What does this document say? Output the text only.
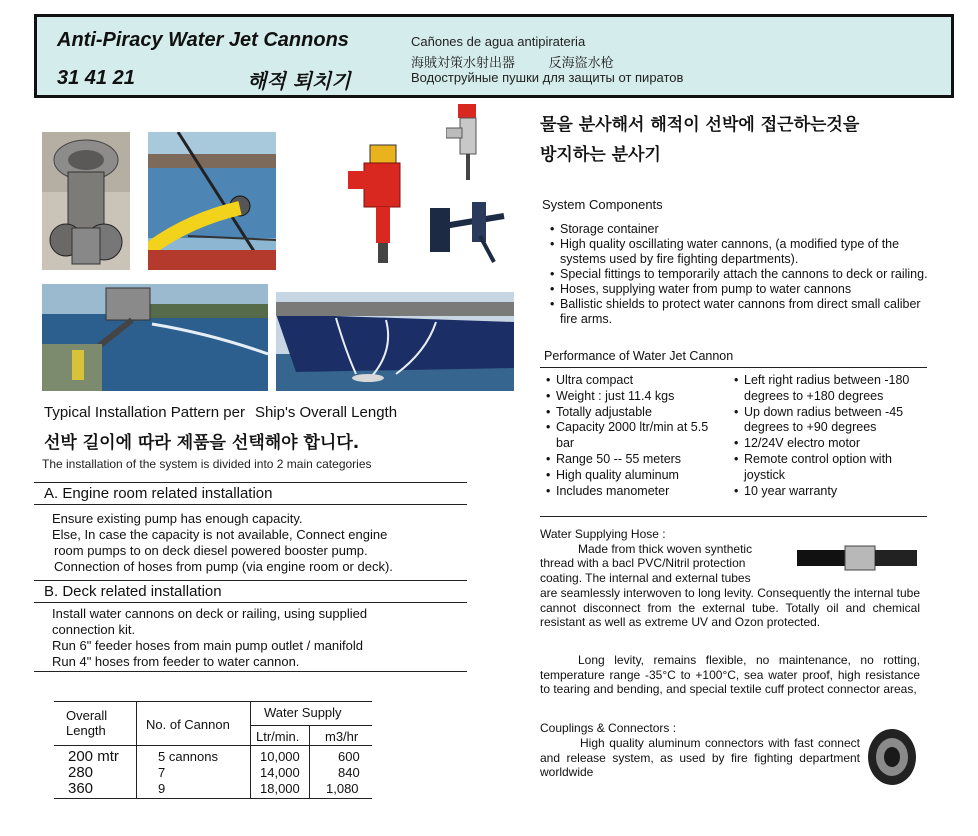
Anti-Piracy Water Jet Cannons
31 41 21	해적 퇴치기
Cañones de agua antipirateria
海賊対策水射出器	反海盜水枪
Водоструйные пушки для защиты от пиратов
Typical Installation Pattern per Ship's Overall Length
선박 길이에 따라 제품을 선택해야 합니다.
The installation of the system is divided into 2 main categories
A. Engine room related installation

Ensure existing pump has enough capacity.

Else, In case the capacity is not available, Connect engine

room pumps to on deck diesel powered booster pump.

Connection of hoses from pump (via engine room or deck).

B. Deck related installation

Install water cannons on deck or railing, using supplied

connection kit.

Run 6" feeder hoses from main pump outlet / manifold

Run 4" hoses from feeder to water cannon.

Overall
Length	No. of Cannon
Water Supply
Ltr/min. m3/hr
200 mtr	5 cannons	10,000	600
280	7	14,000	840
360	9	18,000 1,080
물을 분사해서 해적이 선박에 접근하는것을
방지하는 분사기
System Components
• Storage container
• High quality oscillating water cannons, (a modified type of the systems used by fire fighting departments).
• Special fittings to temporarily attach the cannons to deck or railing.
• Hoses, supplying water from pump to water cannons
• Ballistic shields to protect water cannons from direct small caliber fire arms.
Performance of Water Jet Cannon
• Ultra compact
• Weight : just 11.4 kgs
• Totally adjustable
• Capacity 2000 ltr/min at 5.5 bar
• Range 50 -- 55 meters
• High quality aluminum
• Includes manometer
• Left right radius between -180 degrees to +180 degrees
• Up down radius between -45 degrees to +90 degrees
• 12/24V electro motor
• Remote control option with joystick
• 10 year warranty
Water Supplying Hose :
Made from thick woven synthetic
thread with a bacl PVC/Nitril protection
coating. The internal and external tubes
are seamlessly interwoven to long levity. Consequently the internal tube cannot disconnect from the external tube. Totally oil and chemical resistant as well as extreme UV and Ozon protected.
Long levity, remains flexible, no maintenance, no rotting, temperature range -35°C to +100°C, sea water proof, high resistance to tearing and bending, and special textile cuff protect connector areas,
Couplings & Connectors :
High quality aluminum connectors with fast connect and release system, as used by fire fighting department worldwide
